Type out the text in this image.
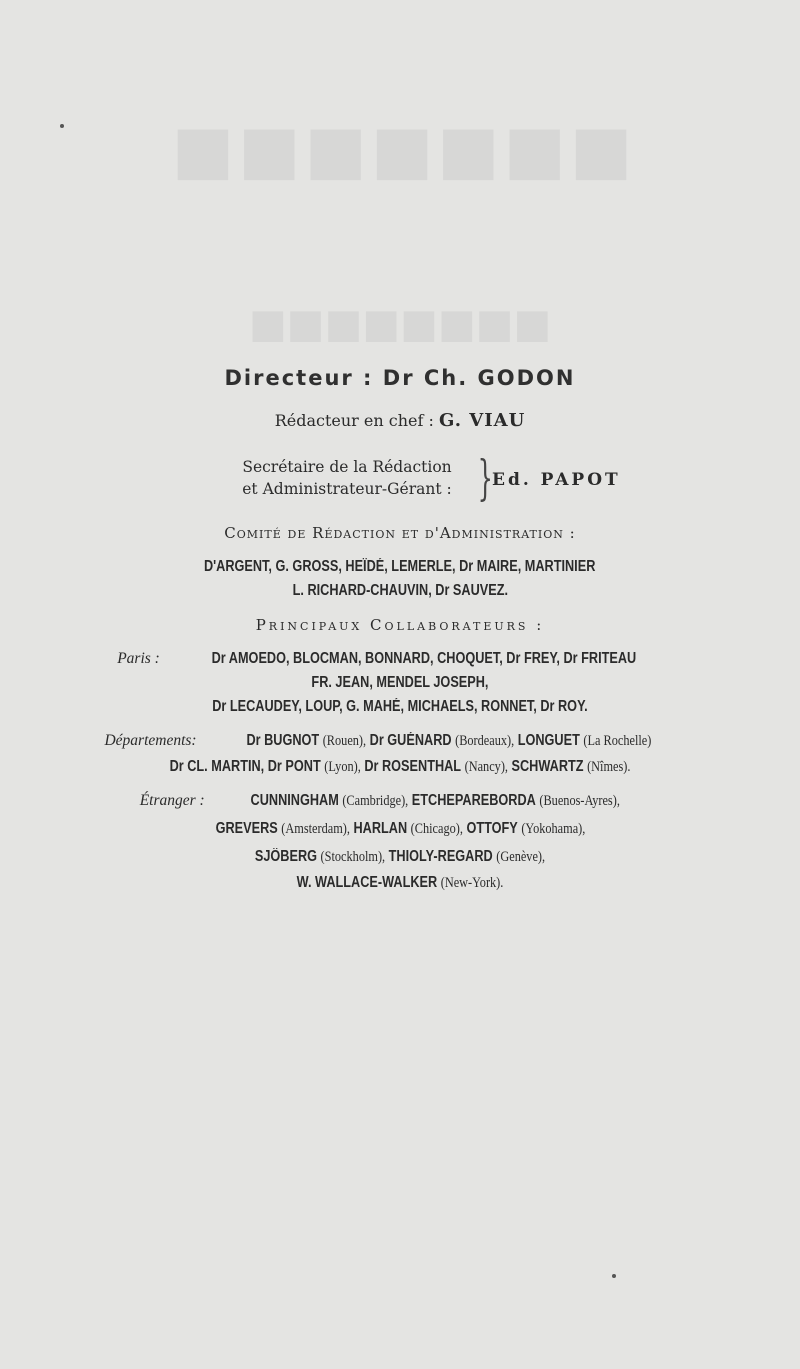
■■■■■■■
■■■■■■■■
Directeur : Dr Ch. GODON
Rédacteur en chef : G. VIAU
Secrétaire de la Rédaction
et Administrateur-Gérant : } Ed. PAPOT
Comité de Rédaction et d'Administration :
D'ARGENT, G. GROSS, HEÏDÉ, LEMERLE, Dr MAIRE, MARTINIER
L. RICHARD-CHAUVIN, Dr SAUVEZ.
Principaux Collaborateurs :
Paris :	Dr AMOEDO, BLOCMAN, BONNARD, CHOQUET, Dr FREY, Dr FRITEAU
FR. JEAN, MENDEL JOSEPH,
Dr LECAUDEY, LOUP, G. MAHÉ, MICHAELS, RONNET, Dr ROY.
Départements:	Dr BUGNOT (Rouen), Dr GUÉNARD (Bordeaux), LONGUET (La Rochelle)
Dr CL. MARTIN, Dr PONT (Lyon), Dr ROSENTHAL (Nancy), SCHWARTZ (Nîmes).
Étranger :	CUNNINGHAM (Cambridge), ETCHEPAREBORDA (Buenos-Ayres),
GREVERS (Amsterdam), HARLAN (Chicago), OTTOFY (Yokohama),
SJÖBERG (Stockholm), THIOLY-REGARD (Genève),
W. WALLACE-WALKER (New-York).
